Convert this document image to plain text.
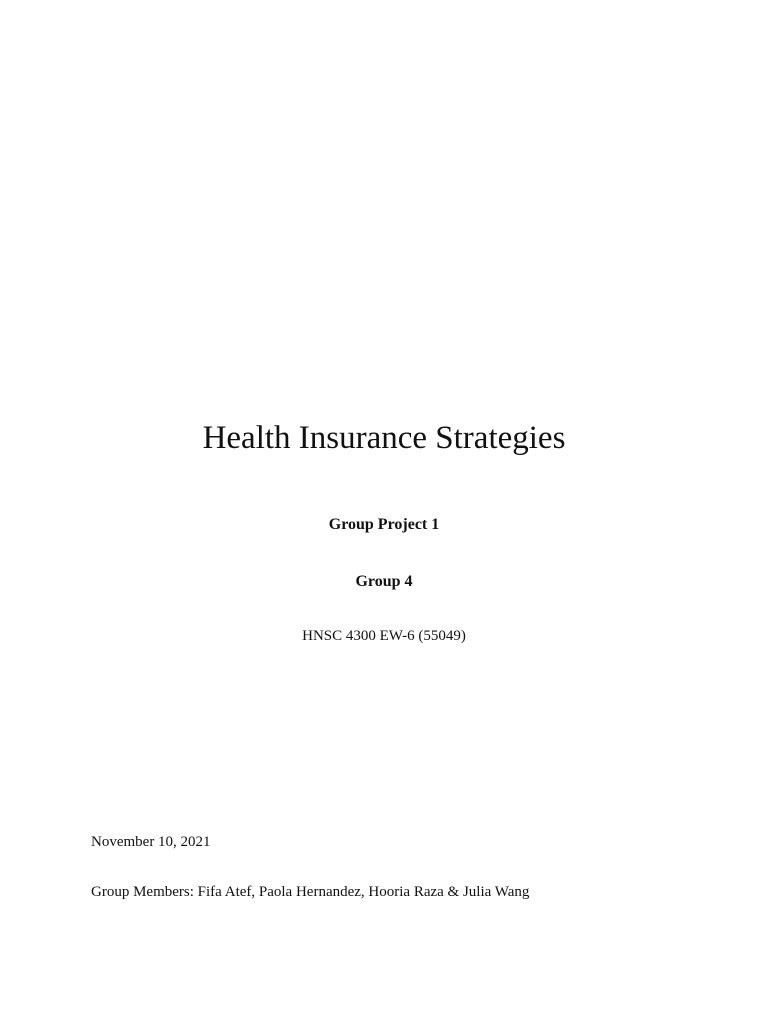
Health Insurance Strategies
Group Project 1
Group 4
HNSC 4300 EW-6 (55049)
November 10, 2021
Group Members: Fifa Atef, Paola Hernandez, Hooria Raza & Julia Wang
